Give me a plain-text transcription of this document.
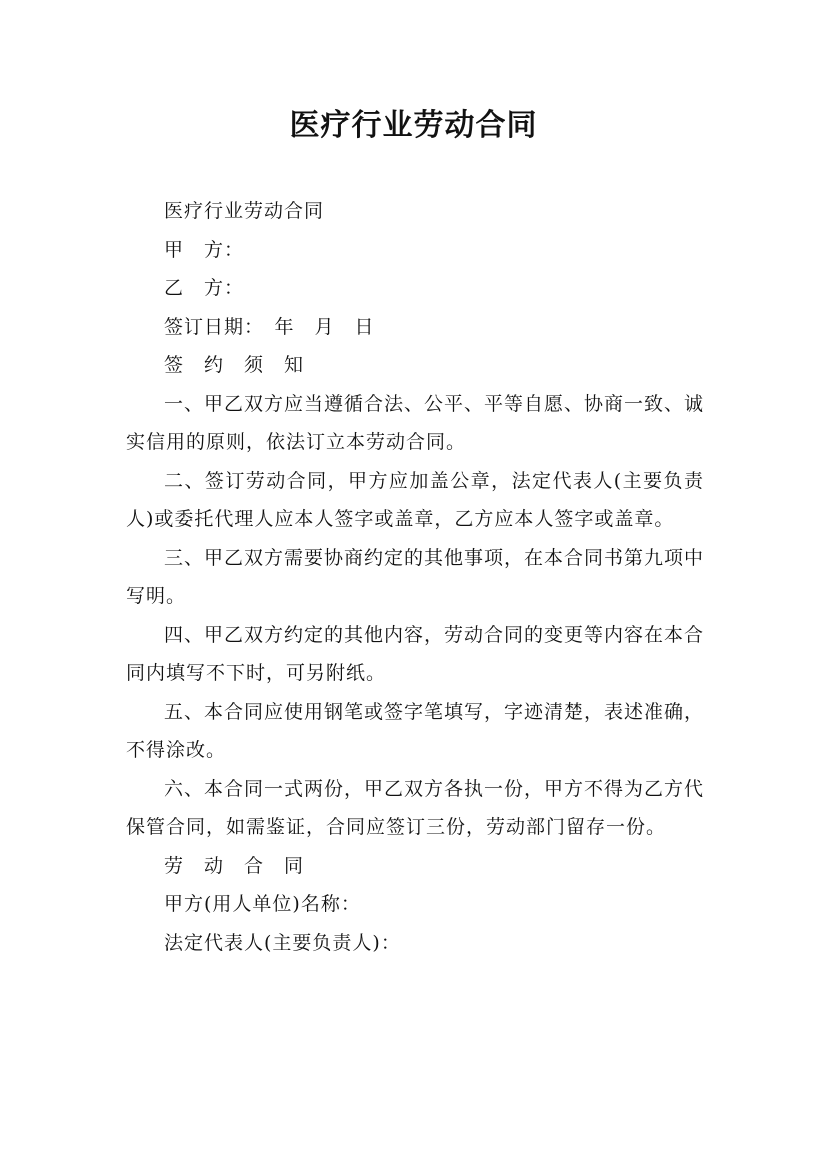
医疗行业劳动合同

医疗行业劳动合同

甲　方：

乙　方：

签订日期：　年　月　日

签　约　须　知

一、甲乙双方应当遵循合法、公平、平等自愿、协商一致、诚实信用的原则，依法订立本劳动合同。

二、签订劳动合同，甲方应加盖公章，法定代表人(主要负责人)或委托代理人应本人签字或盖章，乙方应本人签字或盖章。

三、甲乙双方需要协商约定的其他事项，在本合同书第九项中写明。

四、甲乙双方约定的其他内容，劳动合同的变更等内容在本合同内填写不下时，可另附纸。

五、本合同应使用钢笔或签字笔填写，字迹清楚，表述准确，不得涂改。

六、本合同一式两份，甲乙双方各执一份，甲方不得为乙方代保管合同，如需鉴证，合同应签订三份，劳动部门留存一份。

劳　动　合　同

甲方(用人单位)名称：

法定代表人(主要负责人)：
